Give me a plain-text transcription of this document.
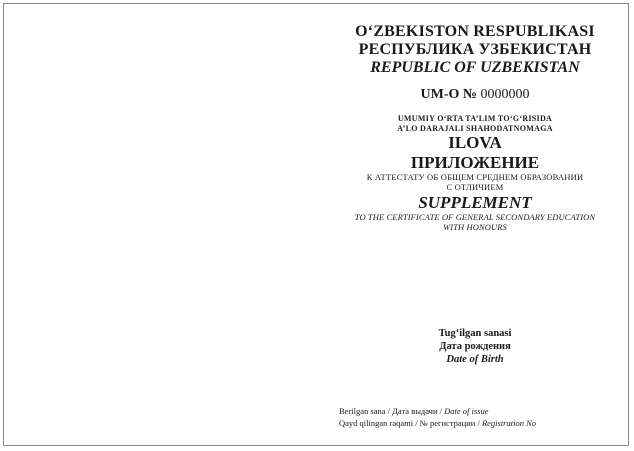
O‘ZBEKISTON RESPUBLIKASI
РЕСПУБЛИКА УЗБЕКИСТАН
REPUBLIC OF UZBEKISTAN
UM-O № 0000000
UMUMIY O‘RTA TA’LIM TO‘G‘RISIDA
A’LO DARAJALI SHAHODATNOMAGA
ILOVA
ПРИЛОЖЕНИЕ
К АТТЕСТАТУ ОБ ОБЩЕМ СРЕДНЕМ ОБРАЗОВАНИИ
С ОТЛИЧИЕМ
SUPPLEMENT
TO THE CERTIFICATE OF GENERAL SECONDARY EDUCATION
WITH HONOURS
Tug‘ilgan sanasi
Дата рождения
Date of Birth
Berilgan sana / Дата выдачи / Date of issue
Qayd qilingan raqami / № регистрации / Registration No
